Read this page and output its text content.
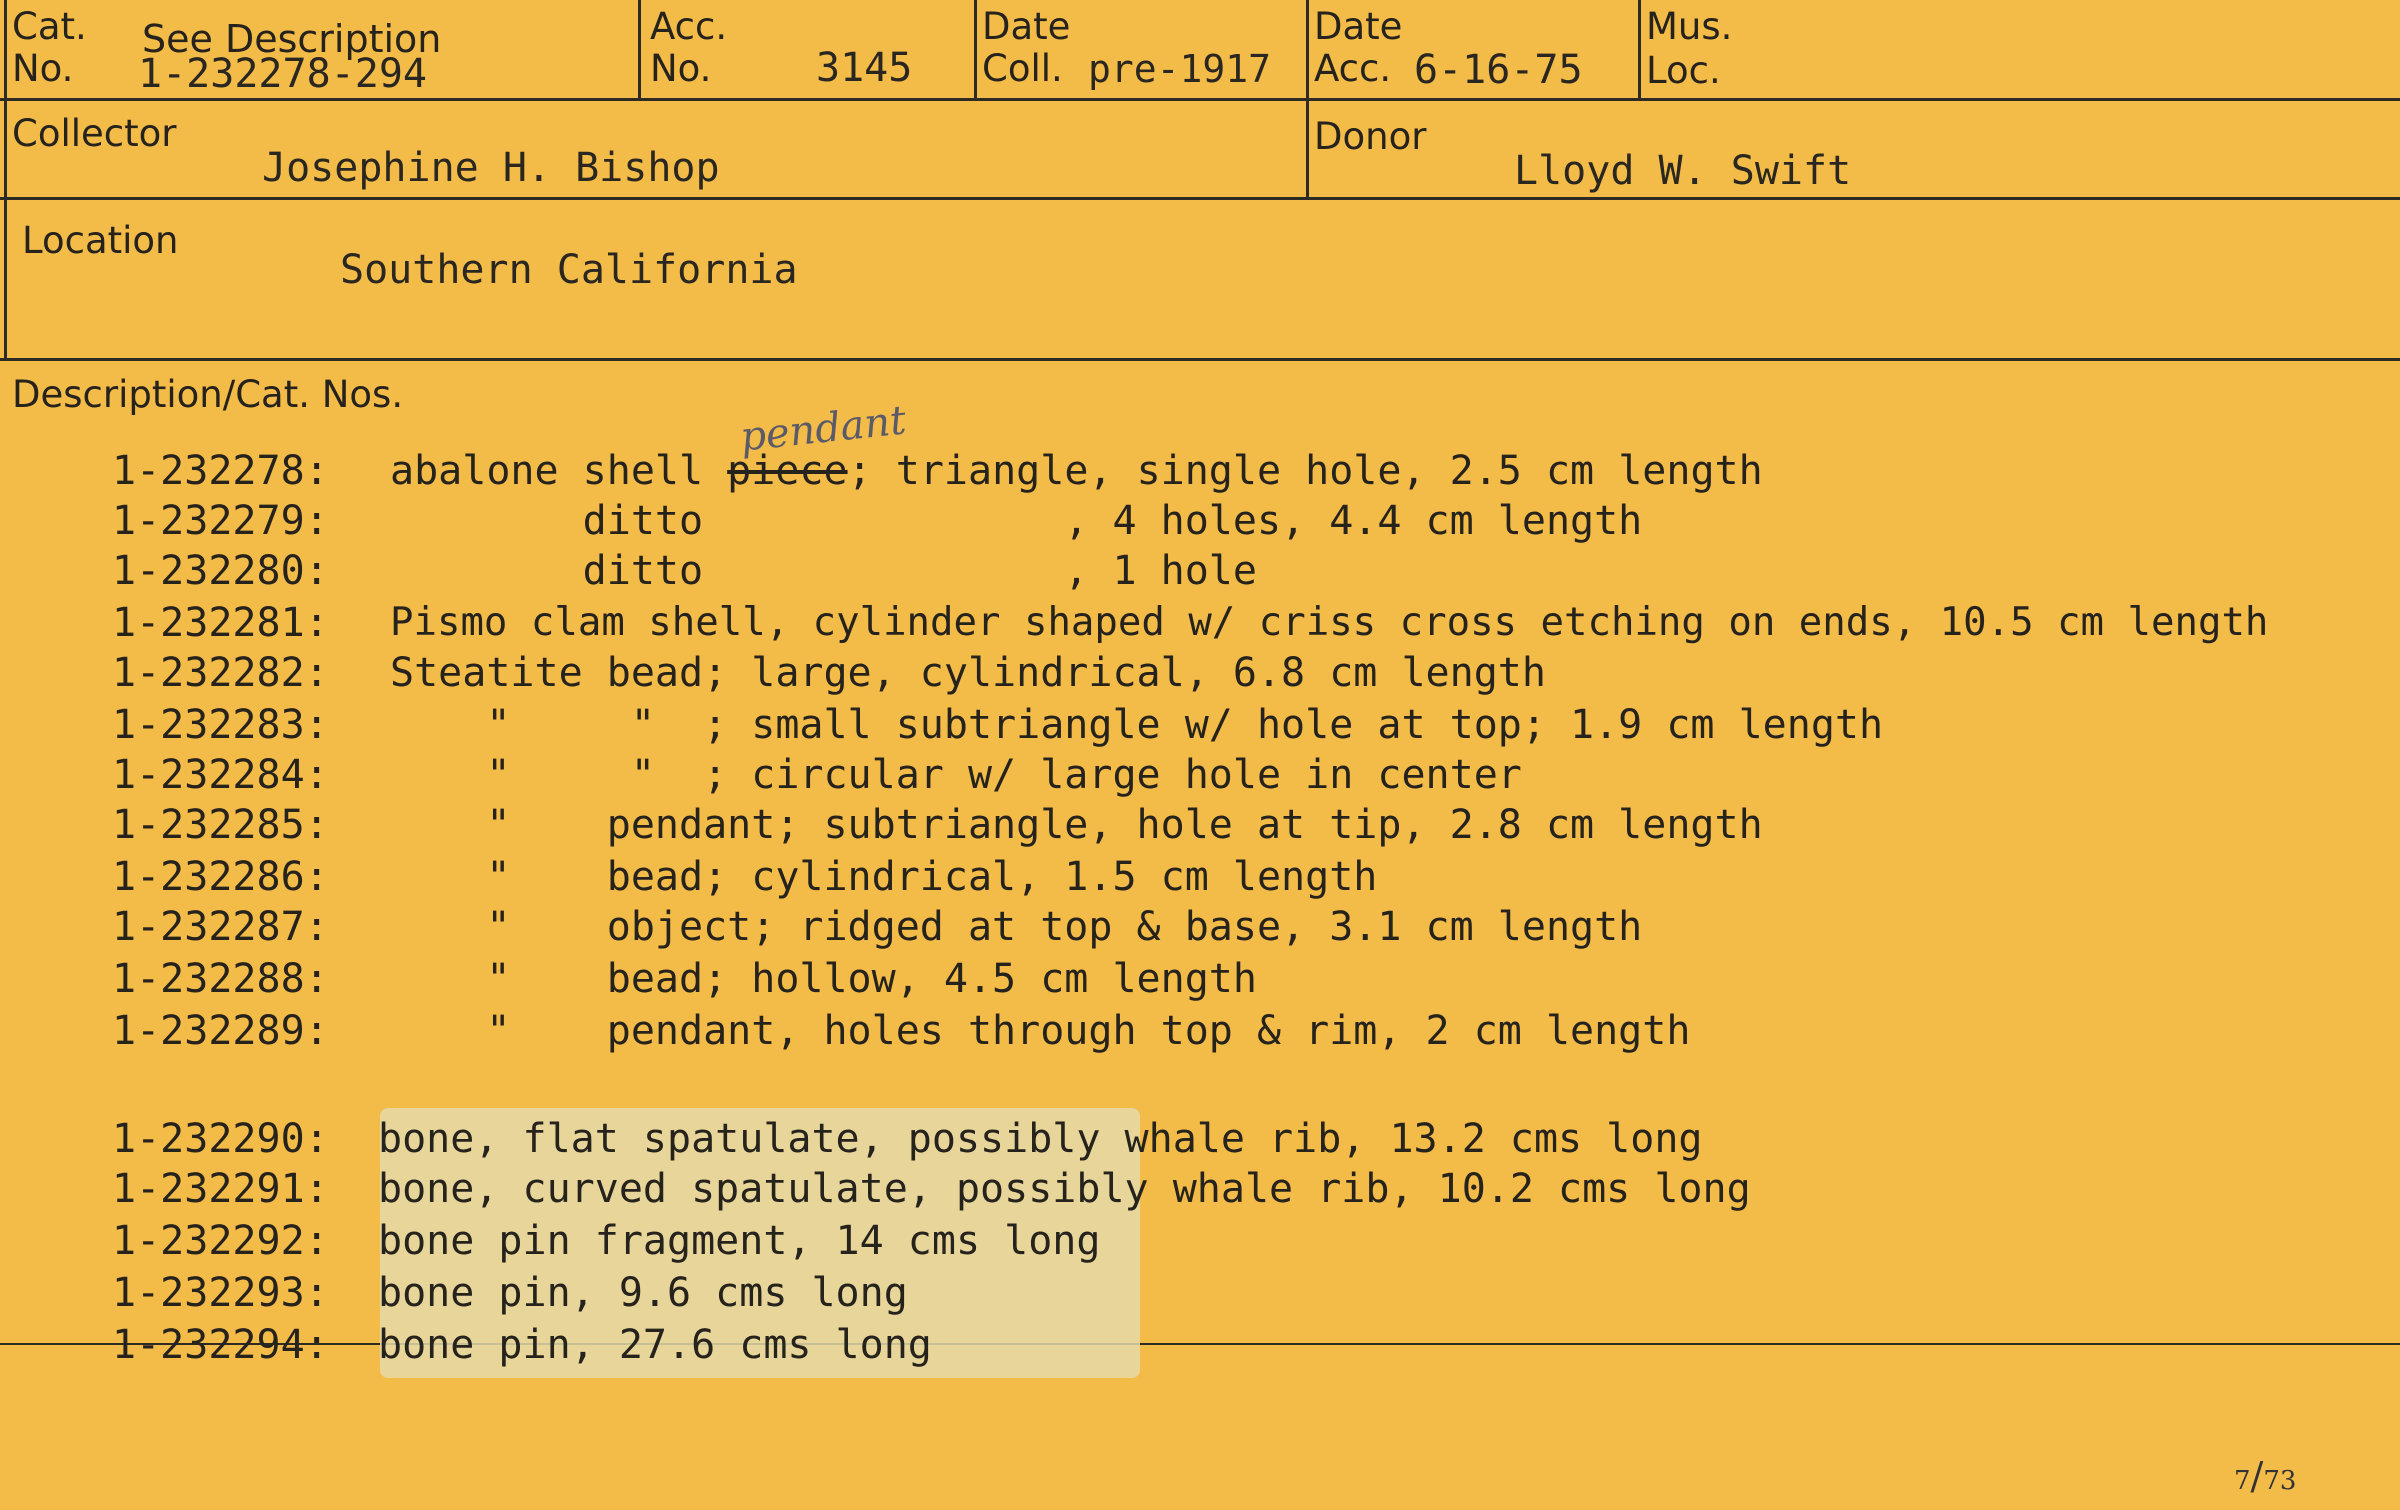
Cat.
No.
See Description
1-232278-294
Acc.
No.	3145
Date
Coll. pre-1917
Date
Acc. 6-16-75
Mus.
Loc.
Collector
Josephine H. Bishop
Donor
Lloyd W. Swift
Location
Southern California
Description/Cat. Nos.
pendant
1-232278: abalone shell piece; triangle, single hole, 2.5 cm length
1-232279: ditto               , 4 holes, 4.4 cm length
1-232280: ditto               , 1 hole
1-232281: Pismo clam shell, cylinder shaped w/ criss cross etching on ends, 10.5 cm length
1-232282: Steatite bead; large, cylindrical, 6.8 cm length
1-232283: "     "  ; small subtriangle w/ hole at top; 1.9 cm length
1-232284: "     "  ; circular w/ large hole in center
1-232285: "    pendant; subtriangle, hole at tip, 2.8 cm length
1-232286: "    bead; cylindrical, 1.5 cm length
1-232287: "    object; ridged at top & base, 3.1 cm length
1-232288: "    bead; hollow, 4.5 cm length
1-232289: "    pendant, holes through top & rim, 2 cm length
1-232290: bone, flat spatulate, possibly whale rib, 13.2 cms long
1-232291: bone, curved spatulate, possibly whale rib, 10.2 cms long
1-232292: bone pin fragment, 14 cms long
1-232293: bone pin, 9.6 cms long
1-232294: bone pin, 27.6 cms long
7/73
